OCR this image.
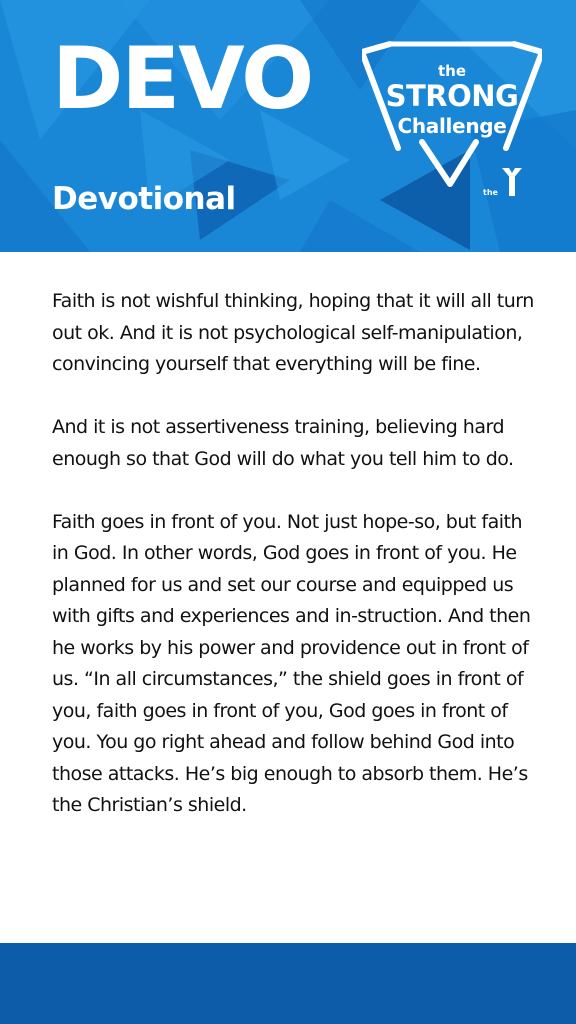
DEVO
Devotional
the
STRONG
Challenge
the

Faith is not wishful thinking, hoping that it will all turn out ok. And it is not psychological self-manipulation, convincing yourself that everything will be fine.

And it is not assertiveness training, believing hard enough so that God will do what you tell him to do.

Faith goes in front of you. Not just hope-so, but faith in God. In other words, God goes in front of you. He planned for us and set our course and equipped us with gifts and experiences and in-struction. And then he works by his power and providence out in front of us. “In all circumstances,” the shield goes in front of you, faith goes in front of you, God goes in front of you. You go right ahead and follow behind God into those attacks. He’s big enough to absorb them. He’s the Christian’s shield.
